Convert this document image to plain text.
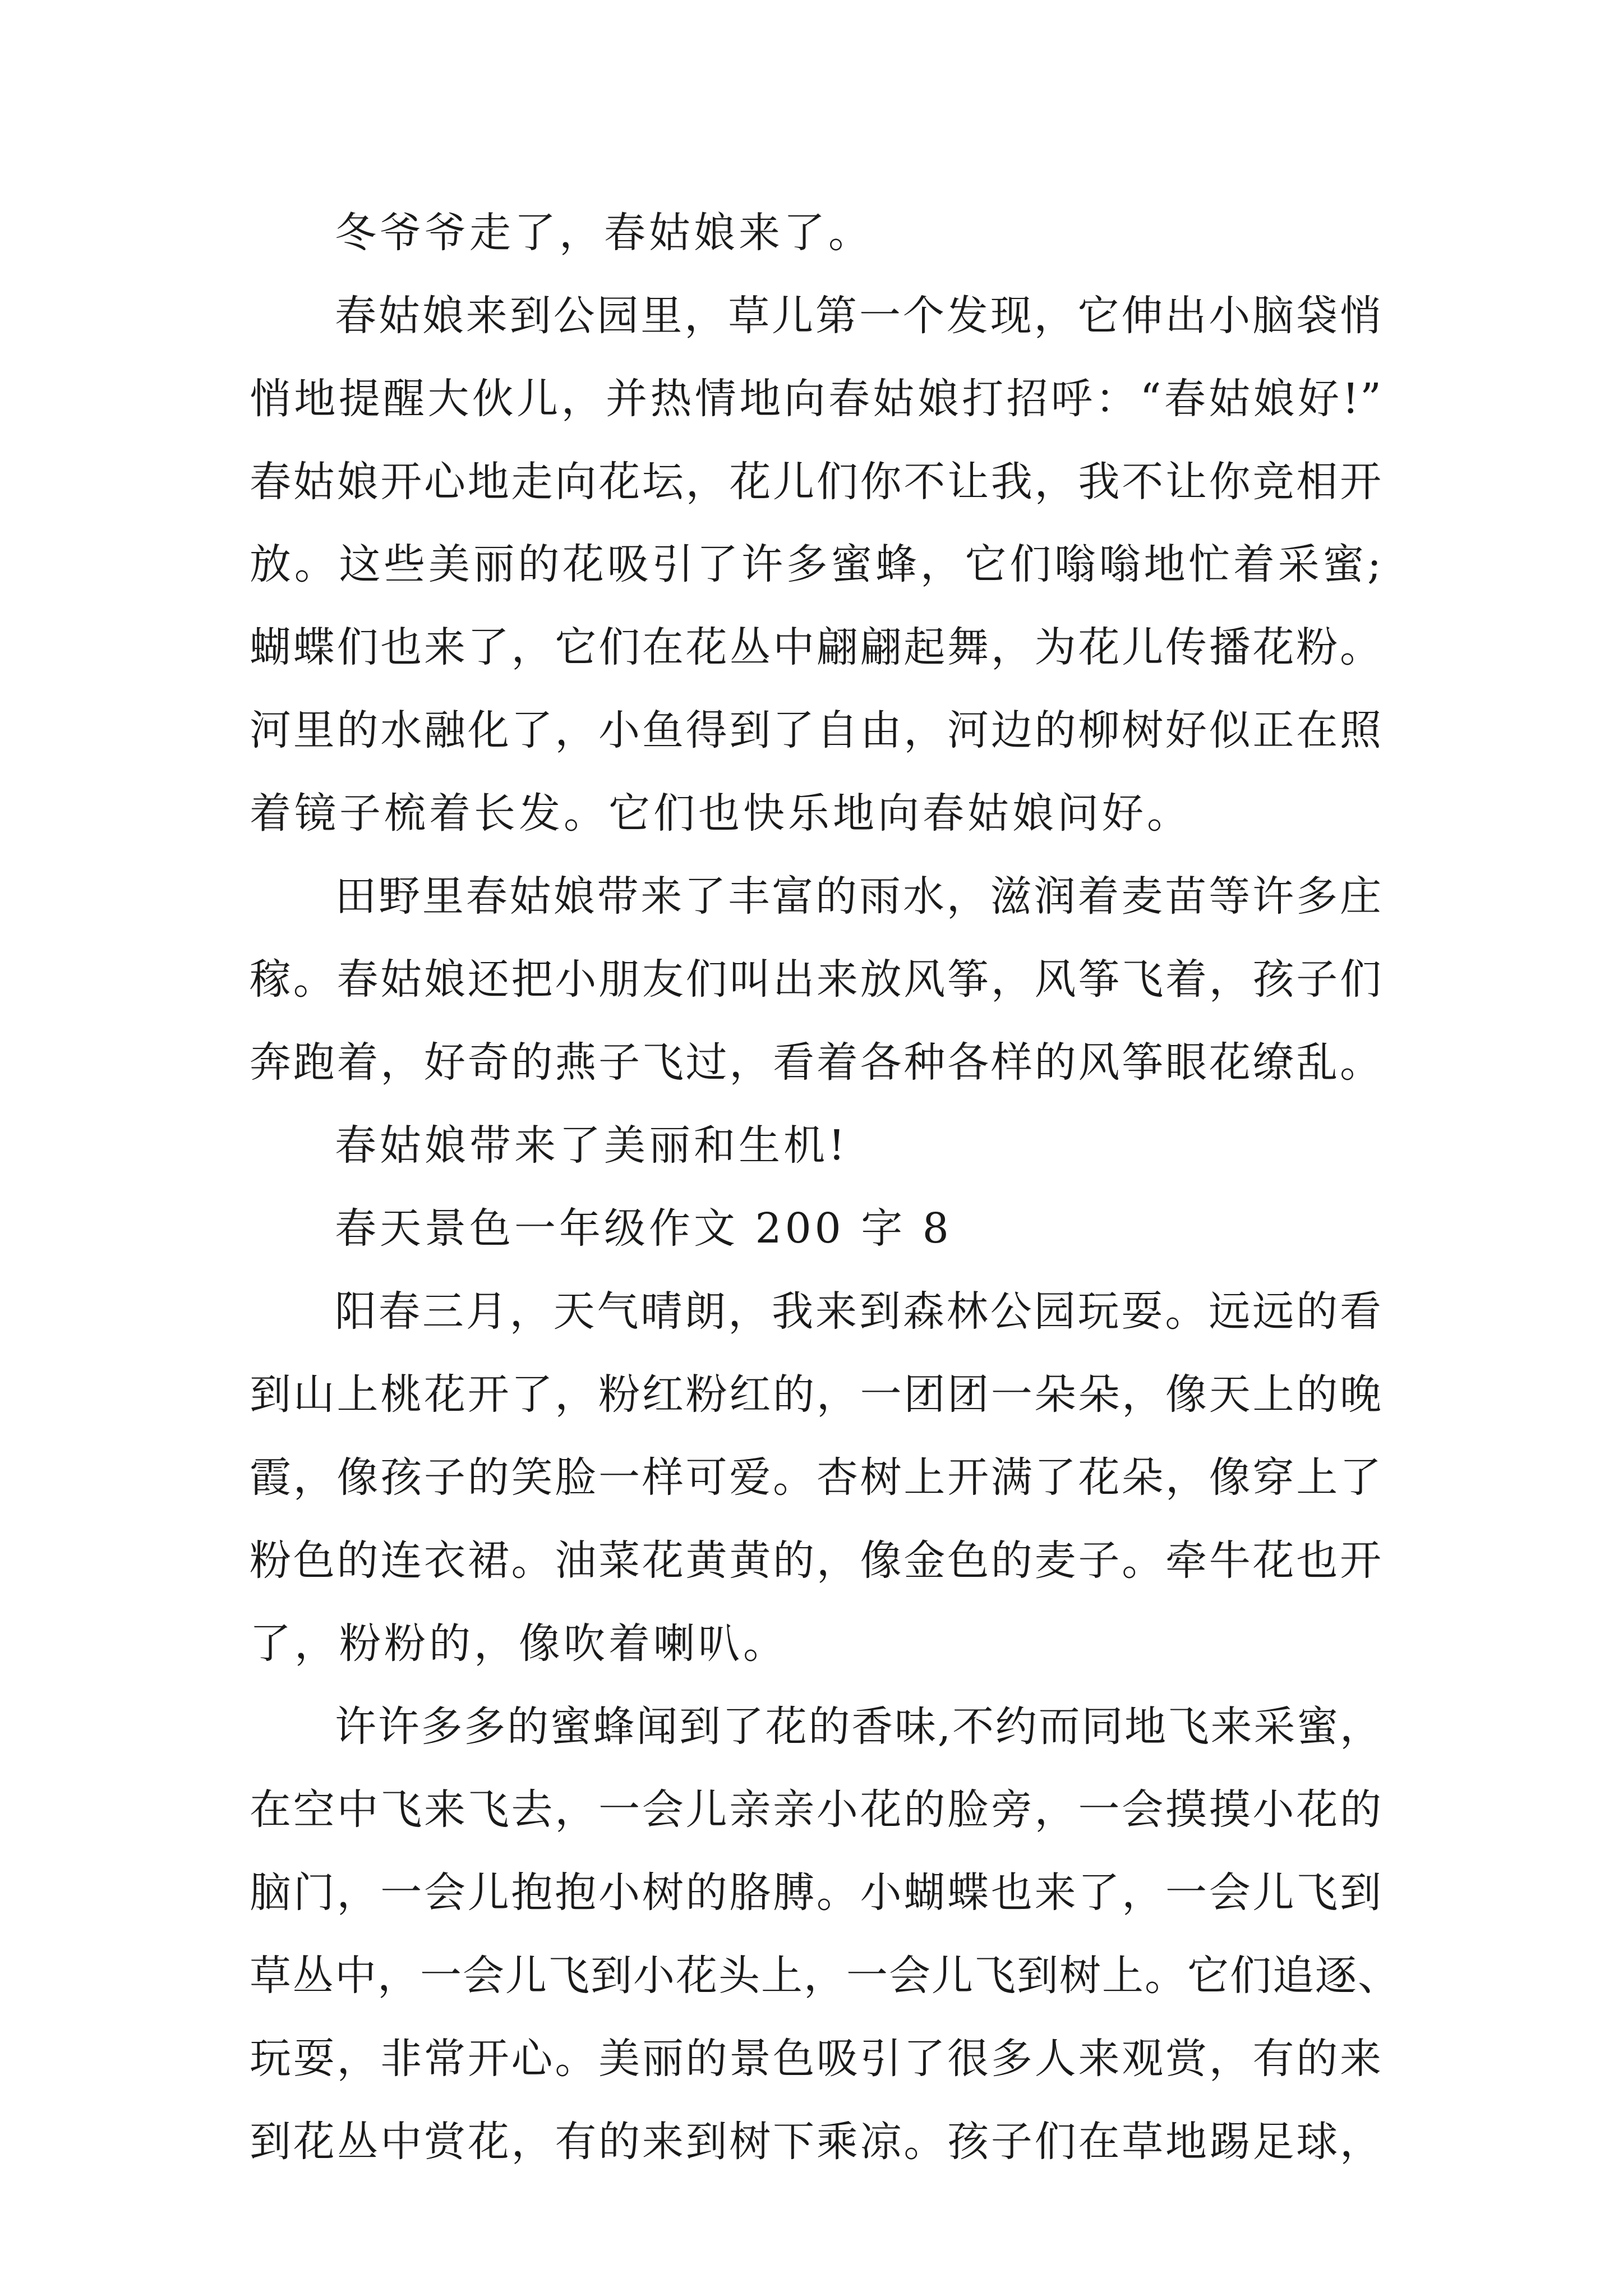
冬爷爷走了，春姑娘来了。
春姑娘来到公园里，草儿第一个发现，它伸出小脑袋悄
悄地提醒大伙儿，并热情地向春姑娘打招呼：“春姑娘好!”
春姑娘开心地走向花坛，花儿们你不让我，我不让你竞相开
放。这些美丽的花吸引了许多蜜蜂，它们嗡嗡地忙着采蜜;
蝴蝶们也来了，它们在花丛中翩翩起舞，为花儿传播花粉。
河里的水融化了，小鱼得到了自由，河边的柳树好似正在照
着镜子梳着长发。它们也快乐地向春姑娘问好。
田野里春姑娘带来了丰富的雨水，滋润着麦苗等许多庄
稼。春姑娘还把小朋友们叫出来放风筝，风筝飞着，孩子们
奔跑着，好奇的燕子飞过，看着各种各样的风筝眼花缭乱。
春姑娘带来了美丽和生机!
春天景色一年级作文 200 字 8
阳春三月，天气晴朗，我来到森林公园玩耍。远远的看
到山上桃花开了，粉红粉红的，一团团一朵朵，像天上的晚
霞，像孩子的笑脸一样可爱。杏树上开满了花朵，像穿上了
粉色的连衣裙。油菜花黄黄的，像金色的麦子。牵牛花也开
了，粉粉的，像吹着喇叭。
许许多多的蜜蜂闻到了花的香味,不约而同地飞来采蜜，
在空中飞来飞去，一会儿亲亲小花的脸旁，一会摸摸小花的
脑门，一会儿抱抱小树的胳膊。小蝴蝶也来了，一会儿飞到
草丛中，一会儿飞到小花头上，一会儿飞到树上。它们追逐、
玩耍，非常开心。美丽的景色吸引了很多人来观赏，有的来
到花丛中赏花，有的来到树下乘凉。孩子们在草地踢足球，
